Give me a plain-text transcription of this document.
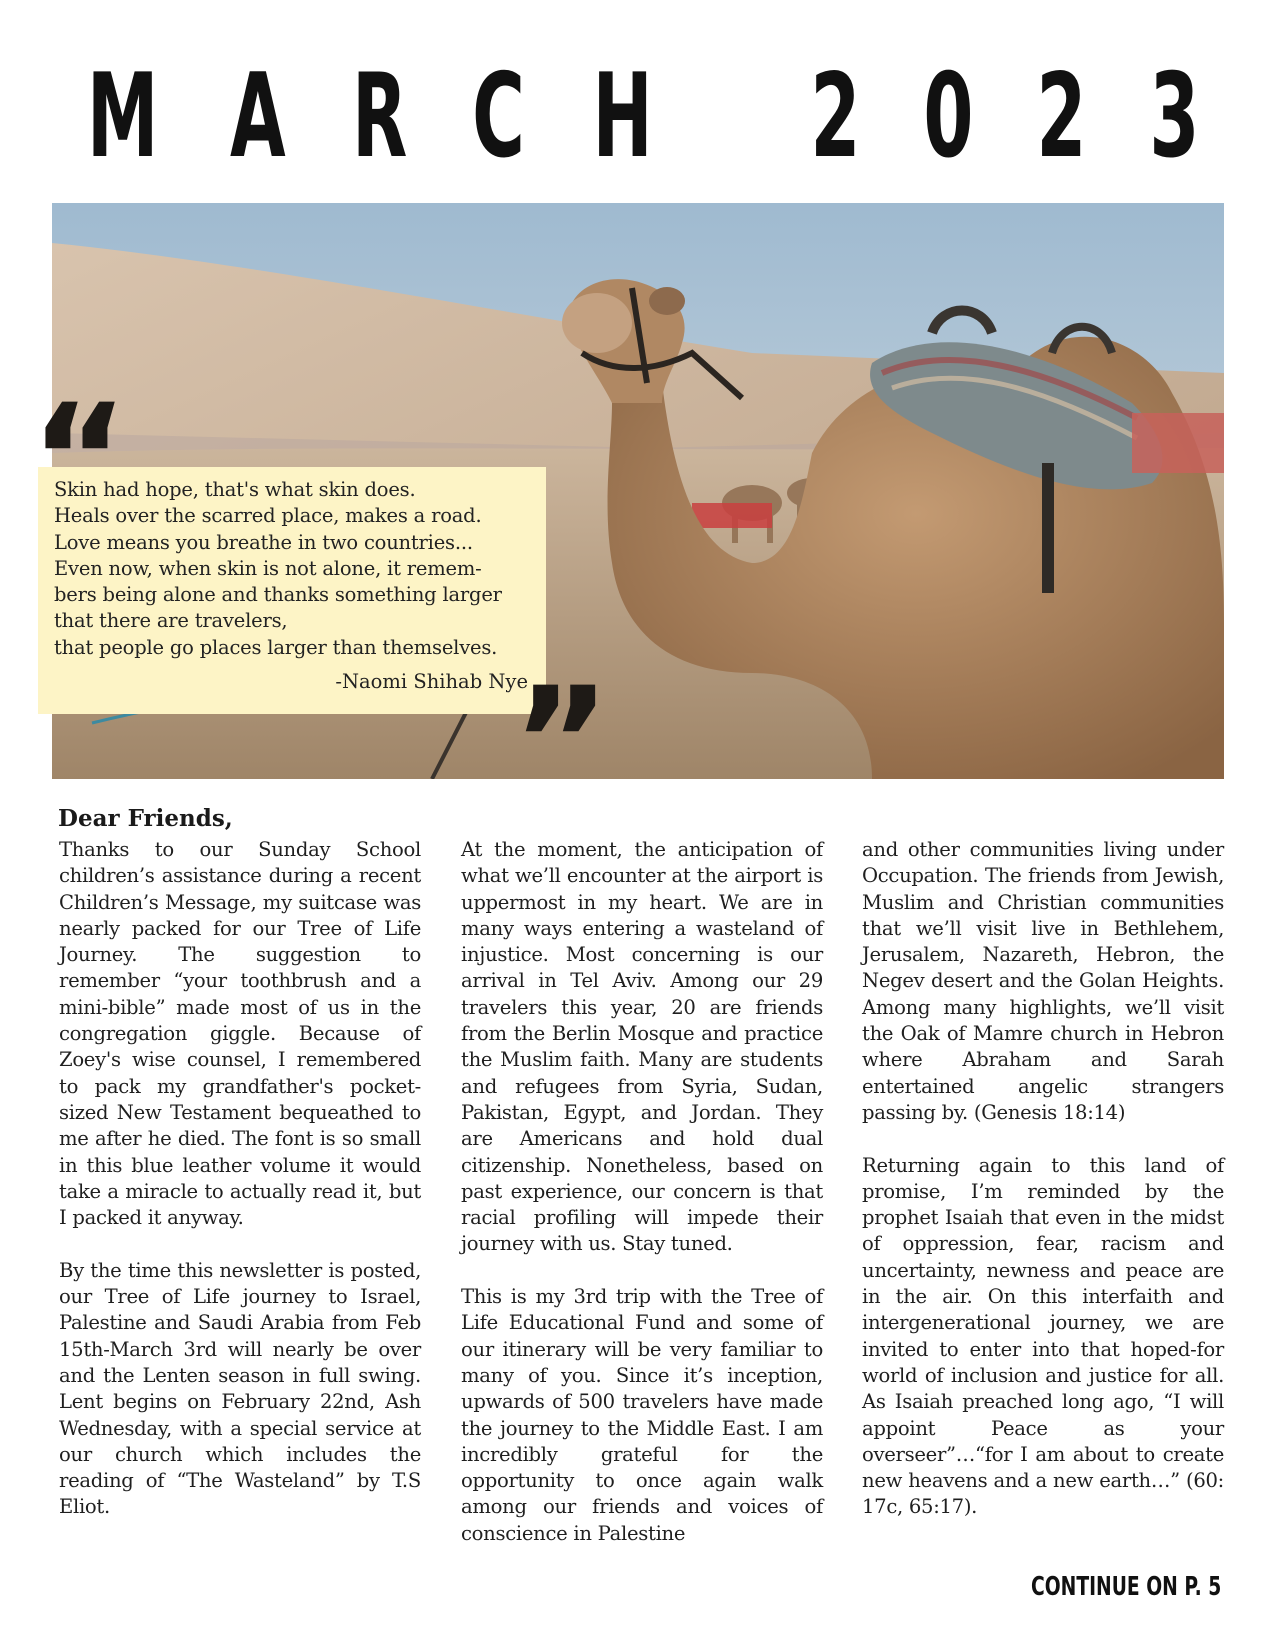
M A R C H 2 0 2 3
Skin had hope, that's what skin does.
Heals over the scarred place, makes a road.
Love means you breathe in two countries...
Even now, when skin is not alone, it remem-
bers being alone and thanks something larger
that there are travelers,
that people go places larger than themselves.
-Naomi Shihab Nye
“
”
Dear Friends,

Thanks to our Sunday School children’s assistance during a recent Children’s Message, my suitcase was nearly packed for our Tree of Life Journey. The suggestion to remember “your toothbrush and a mini-bible” made most of us in the congregation giggle. Because of Zoey's wise counsel, I remembered to pack my grandfather's pocket-sized New Testament bequeathed to me after he died. The font is so small in this blue leather volume it would take a miracle to actually read it, but I packed it anyway.

By the time this newsletter is posted, our Tree of Life journey to Israel, Palestine and Saudi Arabia from Feb 15th-March 3rd will nearly be over and the Lenten season in full swing. Lent begins on February 22nd, Ash Wednesday, with a special service at our church which includes the reading of “The Wasteland” by T.S Eliot.

At the moment, the anticipation of what we’ll encounter at the airport is uppermost in my heart. We are in many ways entering a wasteland of injustice. Most concerning is our arrival in Tel Aviv. Among our 29 travelers this year, 20 are friends from the Berlin Mosque and practice the Muslim faith. Many are students and refugees from Syria, Sudan, Pakistan, Egypt, and Jordan. They are Americans and hold dual citizenship. Nonetheless, based on past experience, our concern is that racial profiling will impede their journey with us. Stay tuned.

This is my 3rd trip with the Tree of Life Educational Fund and some of our itinerary will be very familiar to many of you. Since it’s inception, upwards of 500 travelers have made the journey to the Middle East. I am incredibly grateful for the opportunity to once again walk among our friends and voices of conscience in Palestine

and other communities living under Occupation. The friends from Jewish, Muslim and Christian communities that we’ll visit live in Bethlehem, Jerusalem, Nazareth, Hebron, the Negev desert and the Golan Heights. Among many highlights, we’ll visit the Oak of Mamre church in Hebron where Abraham and Sarah entertained angelic strangers passing by. (Genesis 18:14)

Returning again to this land of promise, I’m reminded by the prophet Isaiah that even in the midst of oppression, fear, racism and uncertainty, newness and peace are in the air. On this interfaith and intergenerational journey, we are invited to enter into that hoped-for world of inclusion and justice for all. As Isaiah preached long ago, “I will appoint Peace as your overseer”…“for I am about to create new heavens and a new earth…” (60: 17c, 65:17).

CONTINUE ON P. 5
